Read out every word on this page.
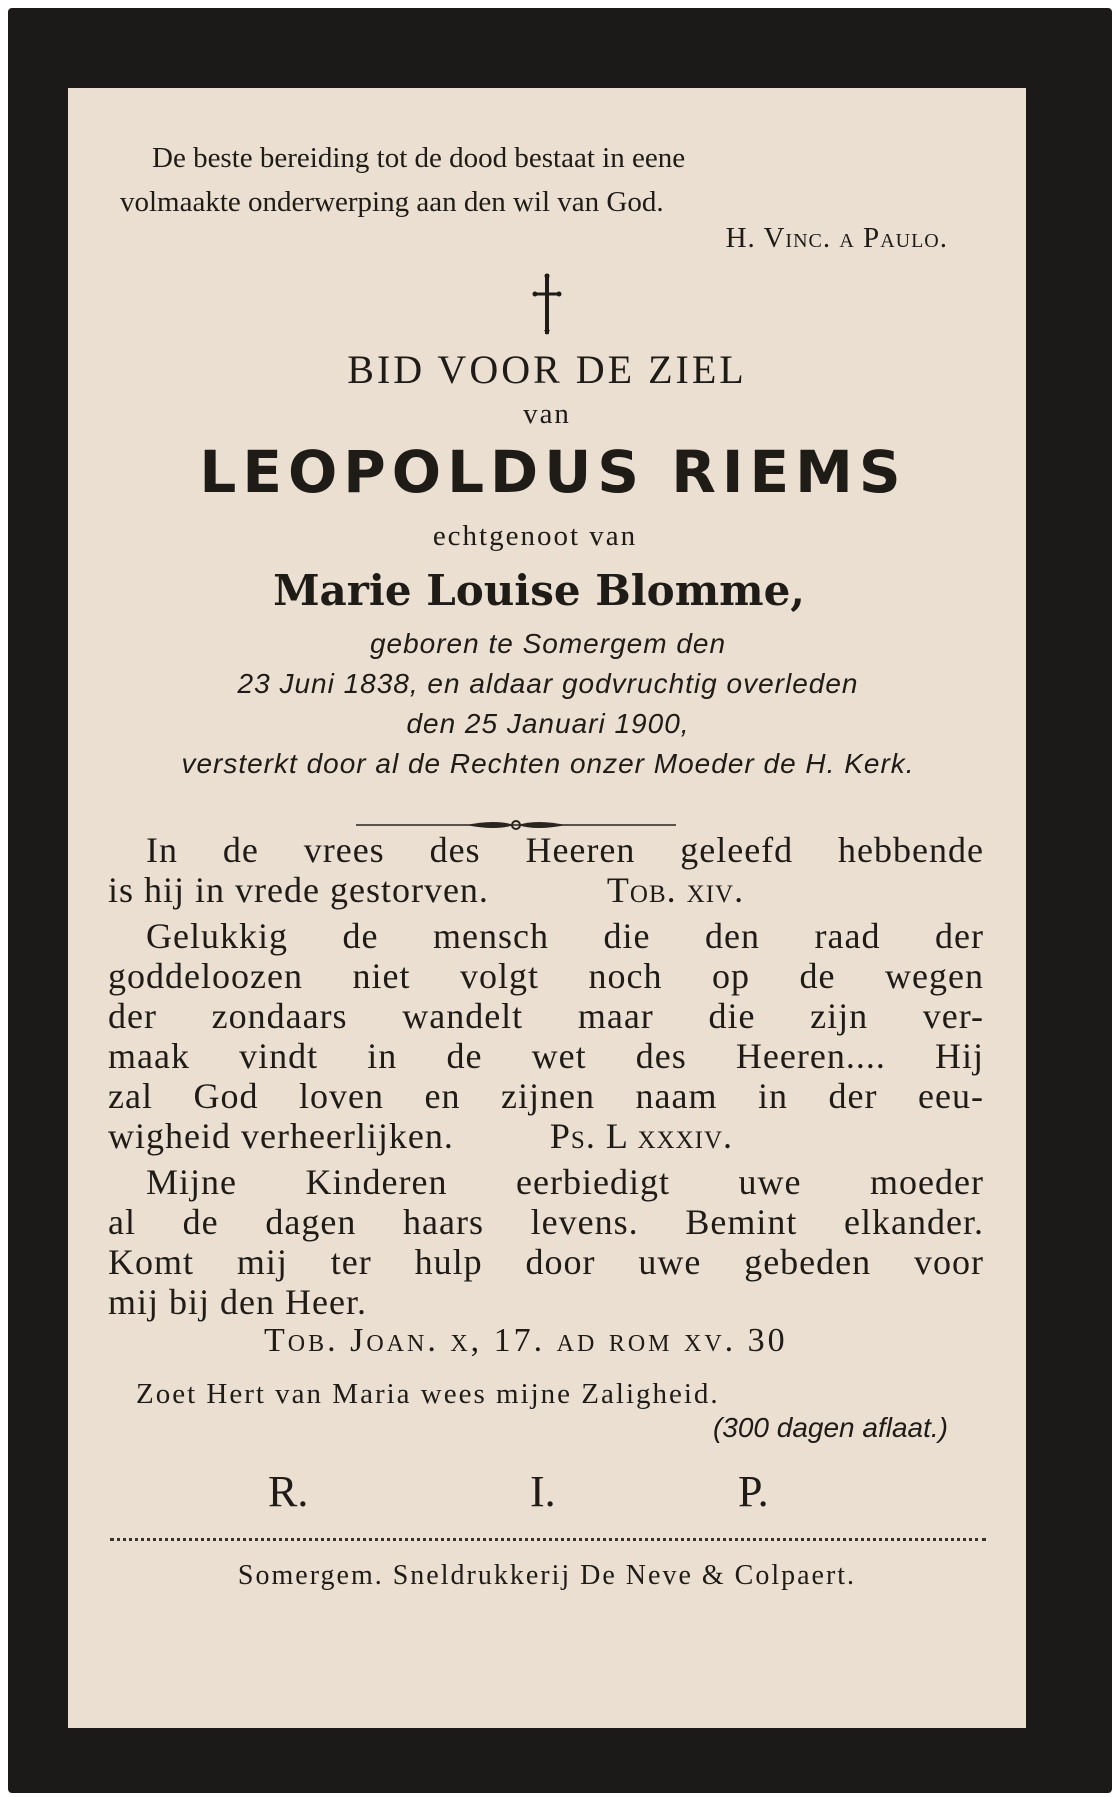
De beste bereiding tot de dood bestaat in eene
volmaakte onderwerping aan den wil van God.
H. Vinc. a Paulo.
BID VOOR DE ZIEL
van
LEOPOLDUS RIEMS
echtgenoot van
Marie Louise Blomme,
geboren te Somergem den
23 Juni 1838, en aldaar godvruchtig overleden
den 25 Januari 1900,
versterkt door al de Rechten onzer Moeder de H. Kerk.
In de vrees des Heeren geleefd hebbende
is hij in vrede gestorven.	Tob. xiv.
Gelukkig de mensch die den raad der
goddeloozen niet volgt noch op de wegen
der zondaars wandelt maar die zijn ver-
maak vindt in de wet des Heeren.... Hij
zal God loven en zijnen naam in der eeu-
wigheid verheerlijken.	Ps. L xxxiv.
Mijne Kinderen eerbiedigt uwe moeder
al de dagen haars levens. Bemint elkander.
Komt mij ter hulp door uwe gebeden voor
mij bij den Heer.
Tob. Joan. x, 17. ad rom xv. 30
Zoet Hert van Maria wees mijne Zaligheid.
(300 dagen aflaat.)
R.	I.	P.
Somergem. Sneldrukkerij De Neve & Colpaert.
